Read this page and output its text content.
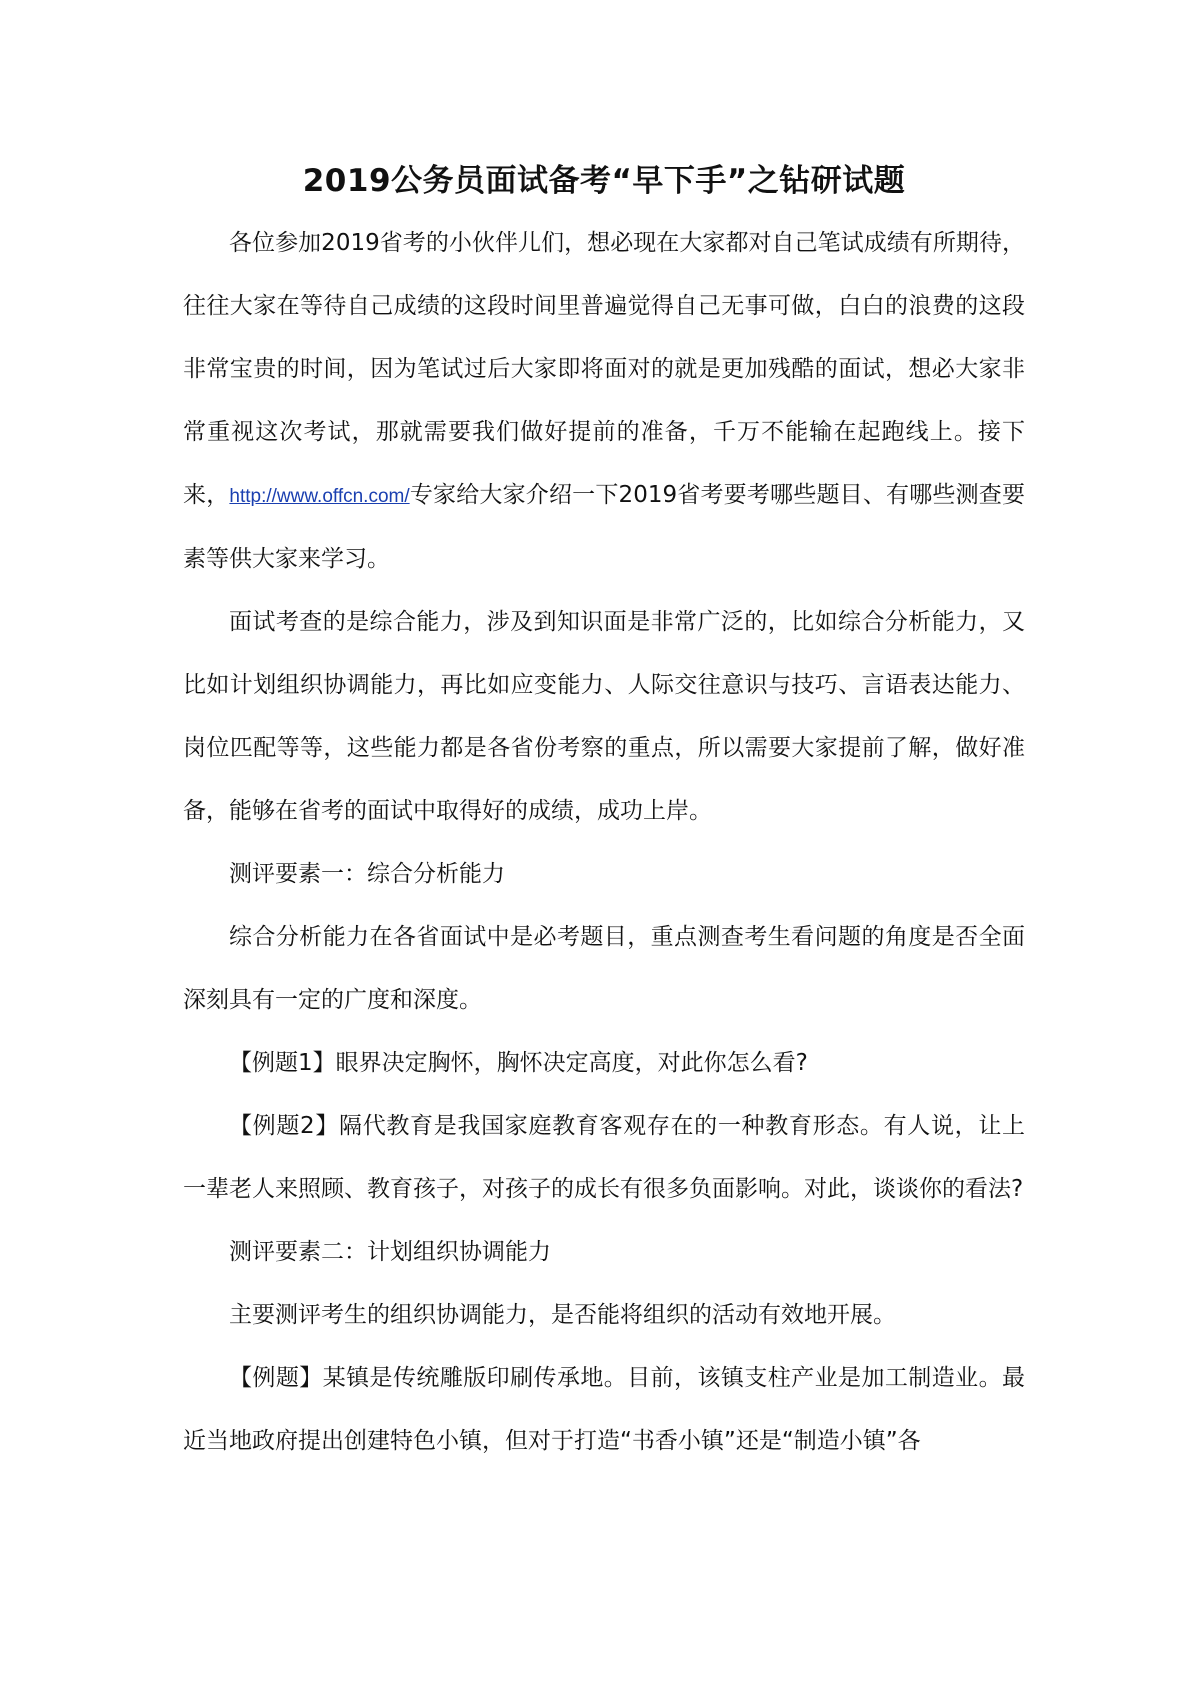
2019公务员面试备考“早下手”之钻研试题

各位参加2019省考的小伙伴儿们，想必现在大家都对自己笔试成绩有所期待，往往大家在等待自己成绩的这段时间里普遍觉得自己无事可做，白白的浪费的这段非常宝贵的时间，因为笔试过后大家即将面对的就是更加残酷的面试，想必大家非常重视这次考试，那就需要我们做好提前的准备，千万不能输在起跑线上。接下来，http://www.offcn.com/专家给大家介绍一下2019省考要考哪些题目、有哪些测查要素等供大家来学习。

面试考查的是综合能力，涉及到知识面是非常广泛的，比如综合分析能力，又比如计划组织协调能力，再比如应变能力、人际交往意识与技巧、言语表达能力、岗位匹配等等，这些能力都是各省份考察的重点，所以需要大家提前了解，做好准备，能够在省考的面试中取得好的成绩，成功上岸。

测评要素一：综合分析能力

综合分析能力在各省面试中是必考题目，重点测查考生看问题的角度是否全面深刻具有一定的广度和深度。

【例题1】眼界决定胸怀，胸怀决定高度，对此你怎么看?

【例题2】隔代教育是我国家庭教育客观存在的一种教育形态。有人说，让上一辈老人来照顾、教育孩子，对孩子的成长有很多负面影响。对此，谈谈你的看法?

测评要素二：计划组织协调能力

主要测评考生的组织协调能力，是否能将组织的活动有效地开展。

【例题】某镇是传统雕版印刷传承地。目前，该镇支柱产业是加工制造业。最近当地政府提出创建特色小镇，但对于打造“书香小镇”还是“制造小镇”各
